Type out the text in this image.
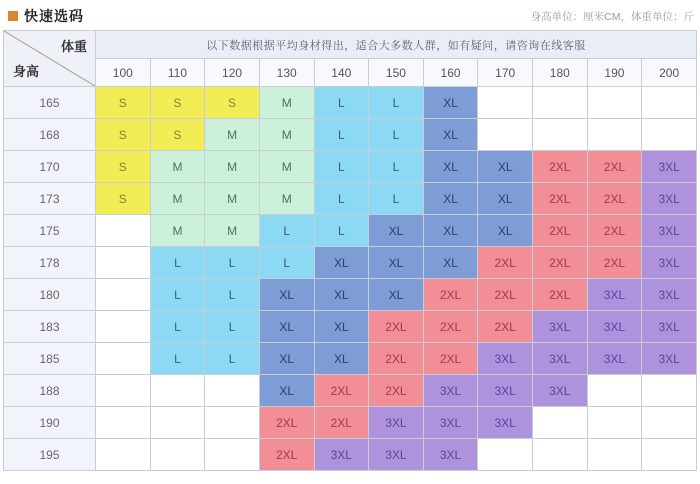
快速选码	身高单位：厘米CM，体重单位：斤
体重
身高	以下数据根据平均身材得出，适合大多数人群，如有疑问，请咨询在线客服										
	100	110	120	130	140	150	160	170	180	190	200
165	S	S	S	M	L	L	XL				
168	S	S	M	M	L	L	XL				
170	S	M	M	M	L	L	XL	XL	2XL	2XL	3XL
173	S	M	M	M	L	L	XL	XL	2XL	2XL	3XL
175		M	M	L	L	XL	XL	XL	2XL	2XL	3XL
178		L	L	L	XL	XL	XL	2XL	2XL	2XL	3XL
180		L	L	XL	XL	XL	2XL	2XL	2XL	3XL	3XL
183		L	L	XL	XL	2XL	2XL	2XL	3XL	3XL	3XL
185		L	L	XL	XL	2XL	2XL	3XL	3XL	3XL	3XL
188				XL	2XL	2XL	3XL	3XL	3XL		
190				2XL	2XL	3XL	3XL	3XL			
195				2XL	3XL	3XL	3XL				
